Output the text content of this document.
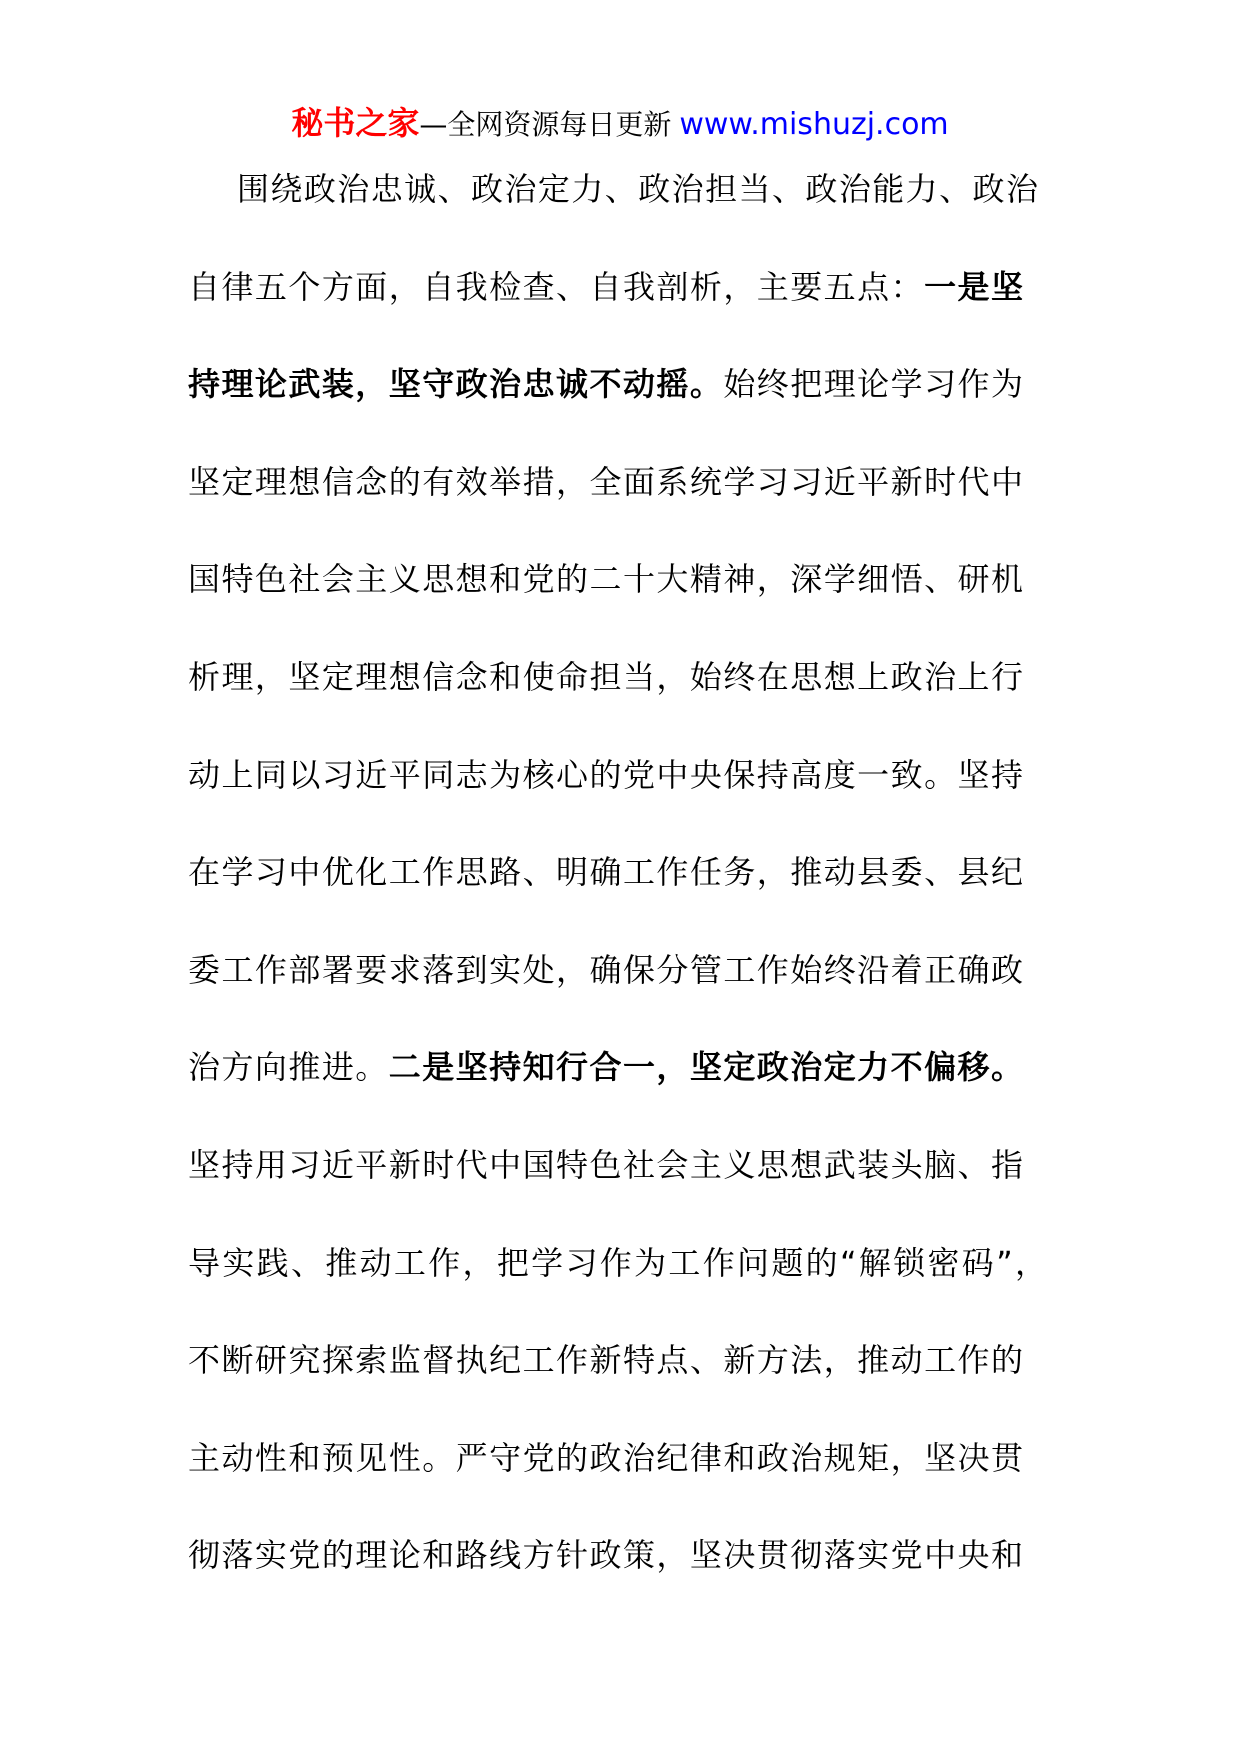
秘书之家—全网资源每日更新 www.mishuzj.com
围绕政治忠诚、政治定力、政治担当、政治能力、政治
自律五个方面，自我检查、自我剖析，主要五点：一是坚
持理论武装，坚守政治忠诚不动摇。始终把理论学习作为
坚定理想信念的有效举措，全面系统学习习近平新时代中
国特色社会主义思想和党的二十大精神，深学细悟、研机
析理，坚定理想信念和使命担当，始终在思想上政治上行
动上同以习近平同志为核心的党中央保持高度一致。坚持
在学习中优化工作思路、明确工作任务，推动县委、县纪
委工作部署要求落到实处，确保分管工作始终沿着正确政
治方向推进。二是坚持知行合一，坚定政治定力不偏移。
坚持用习近平新时代中国特色社会主义思想武装头脑、指
导实践、推动工作，把学习作为工作问题的“解锁密码”，
不断研究探索监督执纪工作新特点、新方法，推动工作的
主动性和预见性。严守党的政治纪律和政治规矩，坚决贯
彻落实党的理论和路线方针政策，坚决贯彻落实党中央和
